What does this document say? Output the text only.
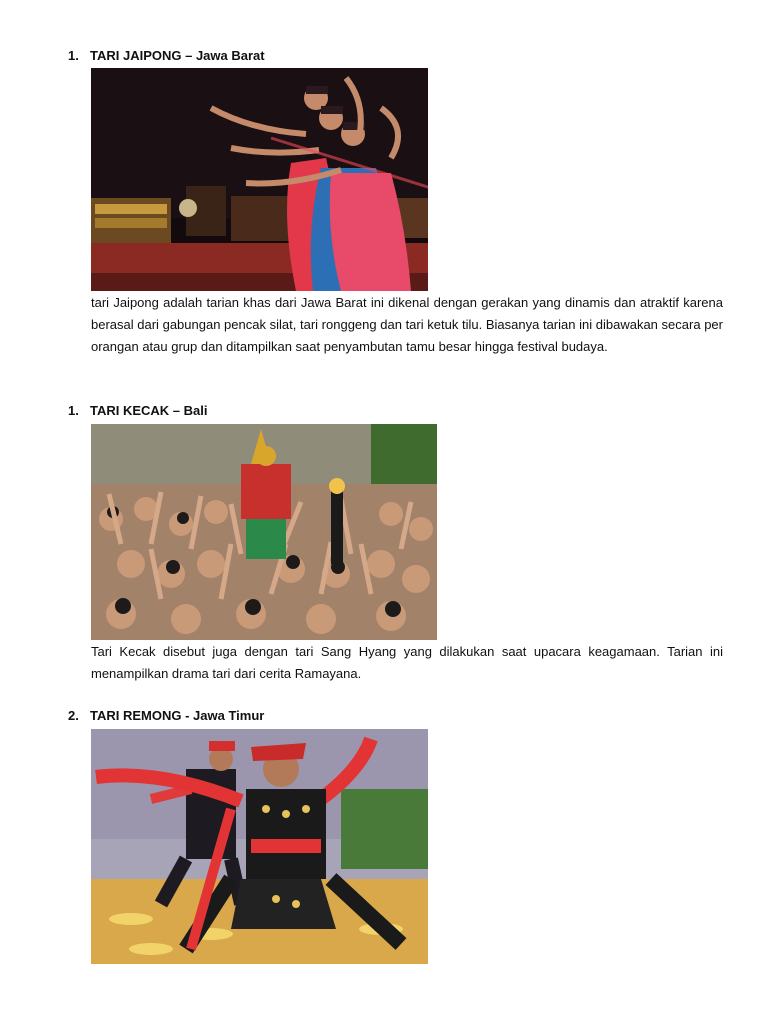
1. TARI JAIPONG – Jawa Barat
tari Jaipong adalah tarian khas dari Jawa Barat ini dikenal dengan gerakan yang dinamis dan atraktif karena berasal dari gabungan pencak silat, tari ronggeng dan tari ketuk tilu. Biasanya tarian ini dibawakan secara per orangan atau grup dan ditampilkan saat penyambutan tamu besar hingga festival budaya.
1. TARI KECAK – Bali
Tari Kecak disebut juga dengan tari Sang Hyang yang dilakukan saat upacara keagamaan. Tarian ini menampilkan drama tari dari cerita Ramayana.
2. TARI REMONG - Jawa Timur
